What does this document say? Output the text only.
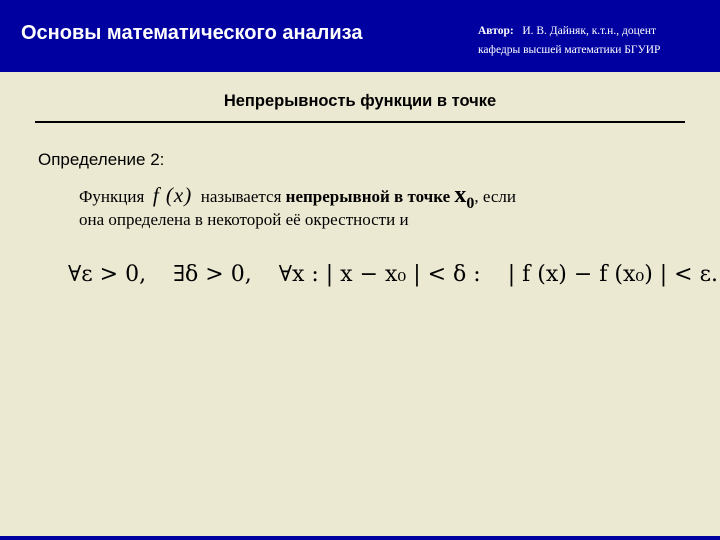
Основы математического анализа	Автор: И. В. Дайняк, к.т.н., доцент
кафедры высшей математики БГУИР
Непрерывность функции в точке
Определение 2:
Функция f (x) называется непрерывной в точке $x_0$, если
она определена в некоторой её окрестности и
∀ε > 0, ∃δ > 0, ∀x : | x − x₀ | < δ : | f (x) − f (x₀) | < ε.
